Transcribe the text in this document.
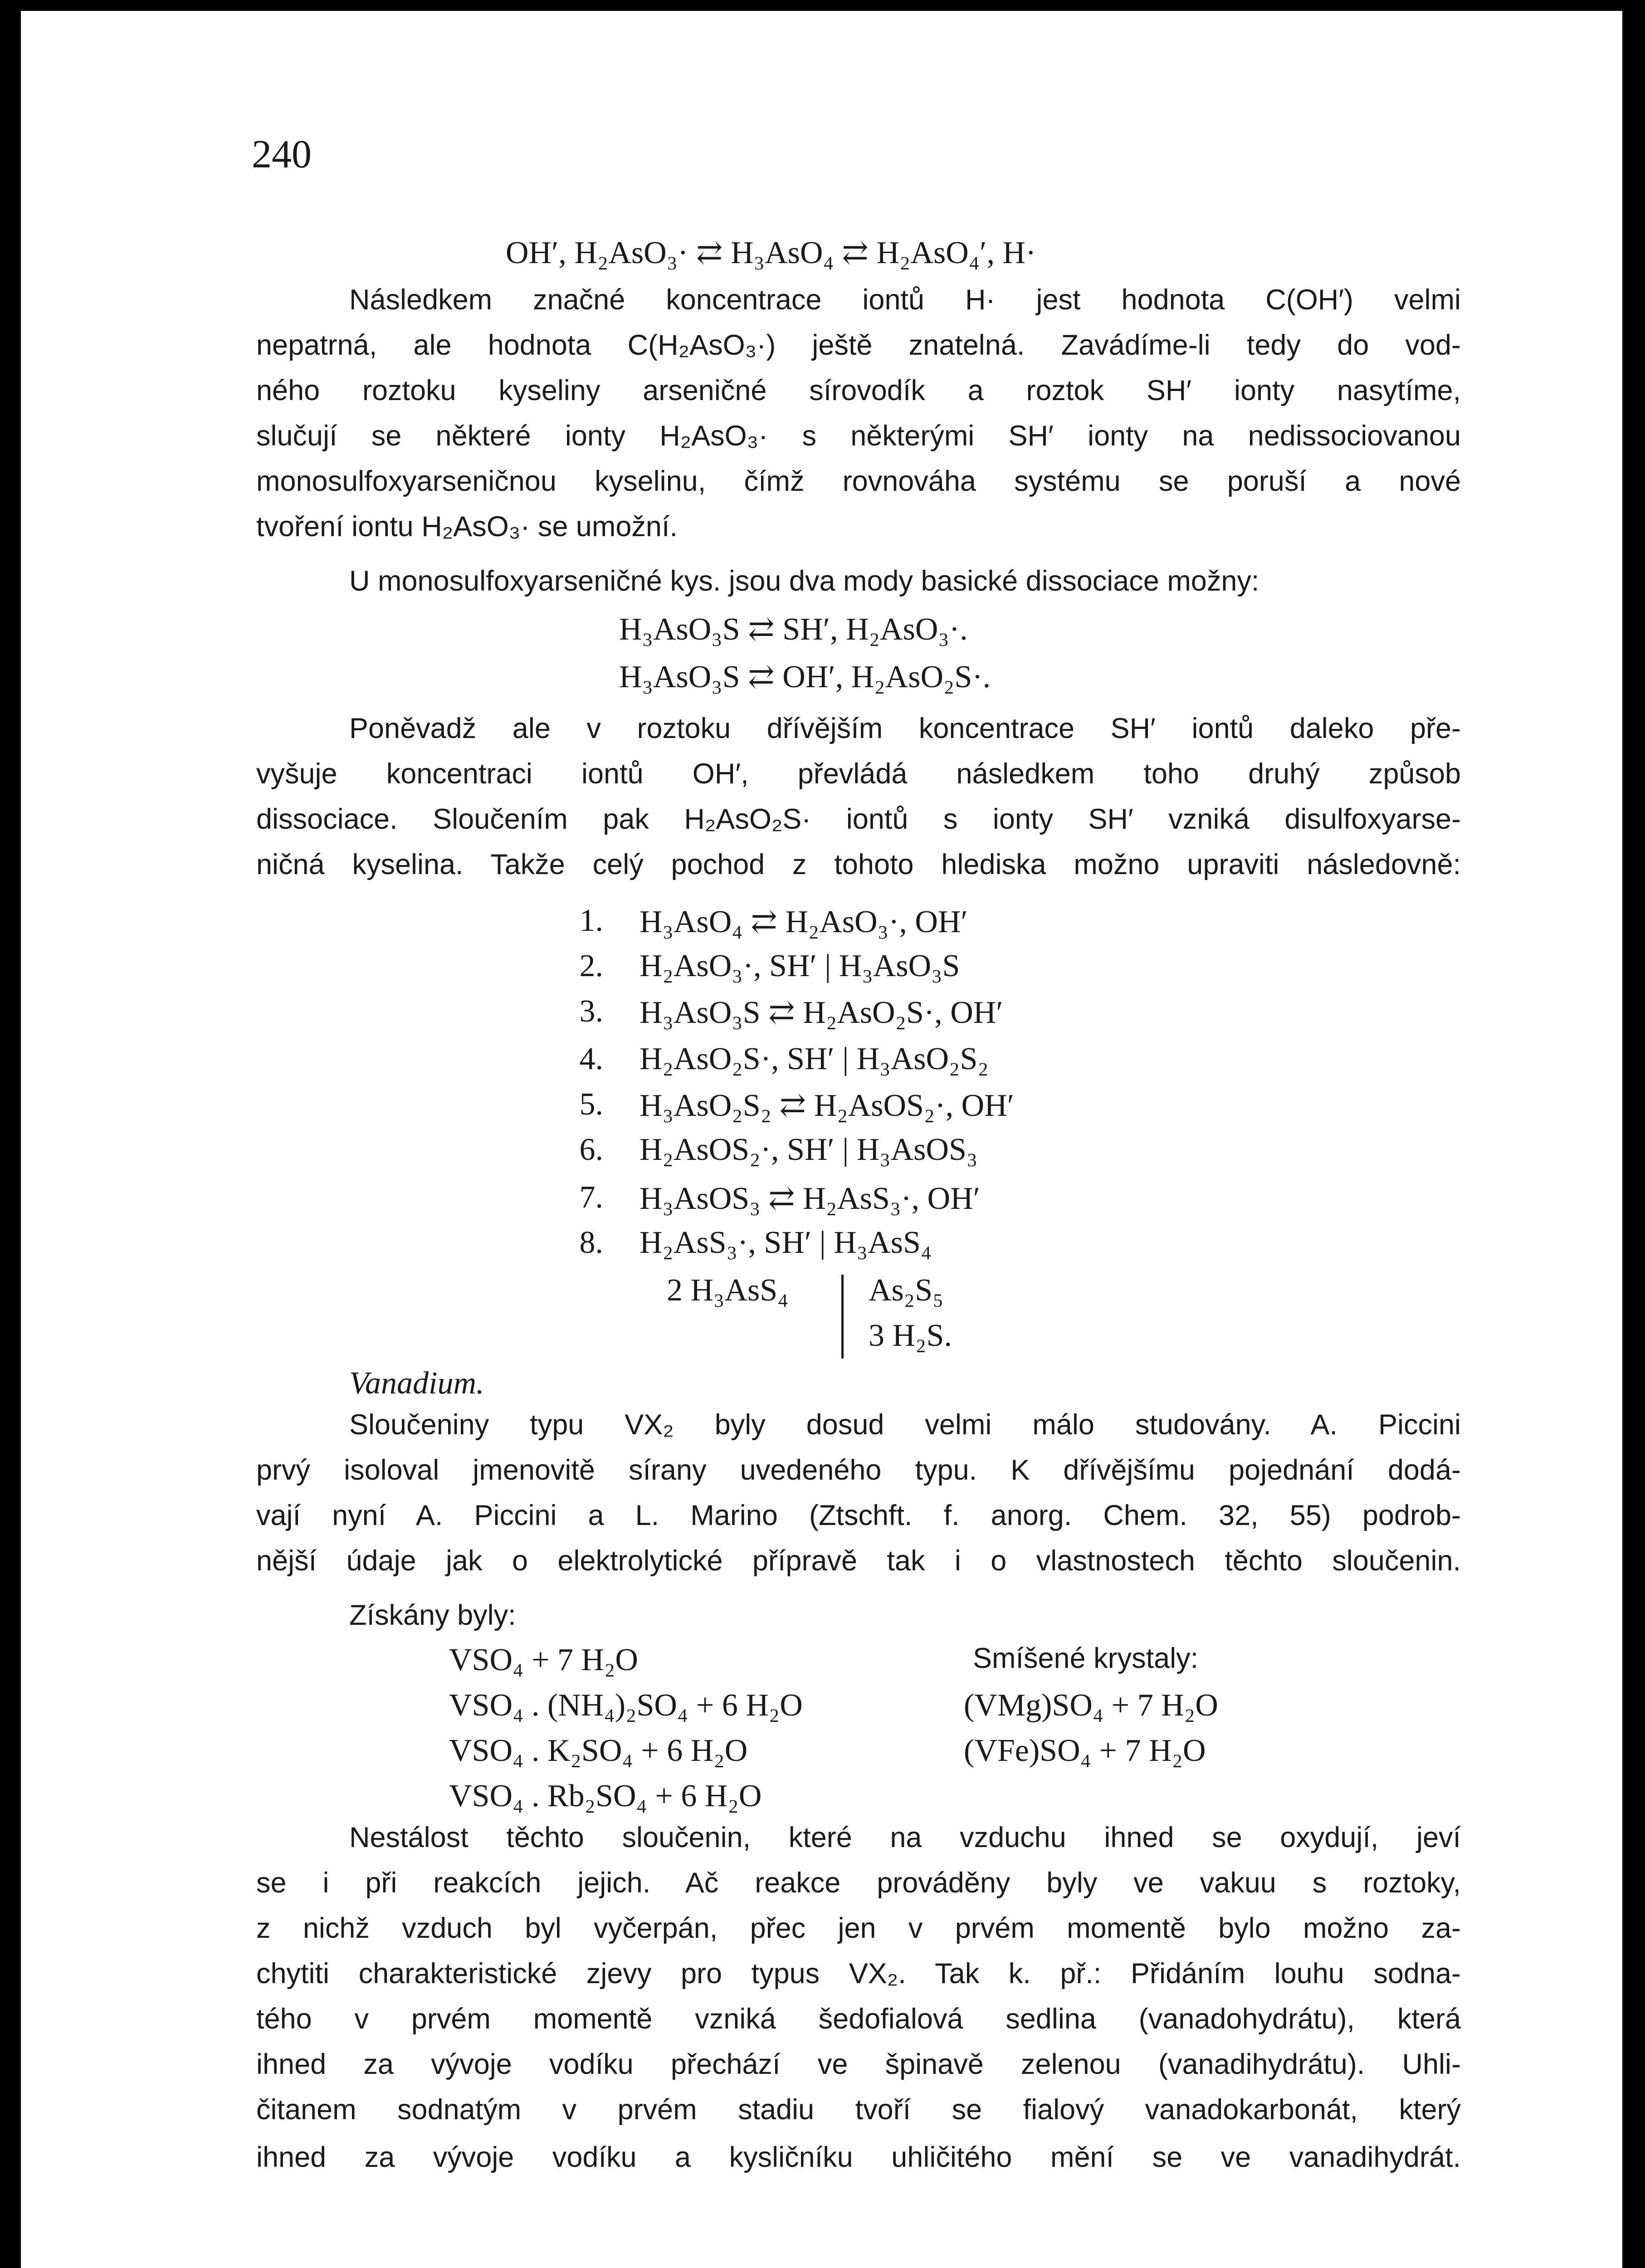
240
OH′, H₂AsO₃· ⇄ H₃AsO₄ ⇄ H₂AsO₄′, H·
Následkem značné koncentrace iontů H· jest hodnota C(OH′) velmi
nepatrná, ale hodnota C(H₂AsO₃·) ještě znatelná. Zavádíme-li tedy do vod-
ného roztoku kyseliny arseničné sírovodík a roztok SH′ ionty nasytíme,
slučují se některé ionty H₂AsO₃· s některými SH′ ionty na nedissociovanou
monosulfoxyarseničnou kyselinu, čímž rovnováha systému se poruší a nové
tvoření iontu H₂AsO₃· se umožní.
U monosulfoxyarseničné kys. jsou dva mody basické dissociace možny:
H₃AsO₃S ⇄ SH′, H₂AsO₃·.
H₃AsO₃S ⇄ OH′, H₂AsO₂S·.
Poněvadž ale v roztoku dřívějším koncentrace SH′ iontů daleko pře-
vyšuje koncentraci iontů OH′, převládá následkem toho druhý způsob
dissociace. Sloučením pak H₂AsO₂S· iontů s ionty SH′ vzniká disulfoxyarse-
ničná kyselina. Takže celý pochod z tohoto hlediska možno upraviti následovně:
1. H₃AsO₄ ⇄ H₂AsO₃·, OH′
2. H₂AsO₃·, SH′ | H₃AsO₃S
3. H₃AsO₃S ⇄ H₂AsO₂S·, OH′
4. H₂AsO₂S·, SH′ | H₃AsO₂S₂
5. H₃AsO₂S₂ ⇄ H₂AsOS₂·, OH′
6. H₂AsOS₂·, SH′ | H₃AsOS₃
7. H₃AsOS₃ ⇄ H₂AsS₃·, OH′
8. H₂AsS₃·, SH′ | H₃AsS₄
2 H₃AsS₄	As₂S₅
3 H₂S.
Vanadium.
Sloučeniny typu VX₂ byly dosud velmi málo studovány. A. Piccini
prvý isoloval jmenovitě sírany uvedeného typu. K dřívějšímu pojednání dodá-
vají nyní A. Piccini a L. Marino (Ztschft. f. anorg. Chem. 32, 55) podrob-
nější údaje jak o elektrolytické přípravě tak i o vlastnostech těchto sloučenin.
Získány byly:
VSO₄ + 7 H₂O
VSO₄ . (NH₄)₂SO₄ + 6 H₂O
VSO₄ . K₂SO₄ + 6 H₂O
VSO₄ . Rb₂SO₄ + 6 H₂O
Smíšené krystaly:
(VMg)SO₄ + 7 H₂O
(VFe)SO₄ + 7 H₂O
Nestálost těchto sloučenin, které na vzduchu ihned se oxydují, jeví
se i při reakcích jejich. Ač reakce prováděny byly ve vakuu s roztoky,
z nichž vzduch byl vyčerpán, přec jen v prvém momentě bylo možno za-
chytiti charakteristické zjevy pro typus VX₂. Tak k. př.: Přidáním louhu sodna-
tého v prvém momentě vzniká šedofialová sedlina (vanadohydrátu), která
ihned za vývoje vodíku přechází ve špinavě zelenou (vanadihydrátu). Uhli-
čitanem sodnatým v prvém stadiu tvoří se fialový vanadokarbonát, který
ihned za vývoje vodíku a kysličníku uhličitého mění se ve vanadihydrát.
